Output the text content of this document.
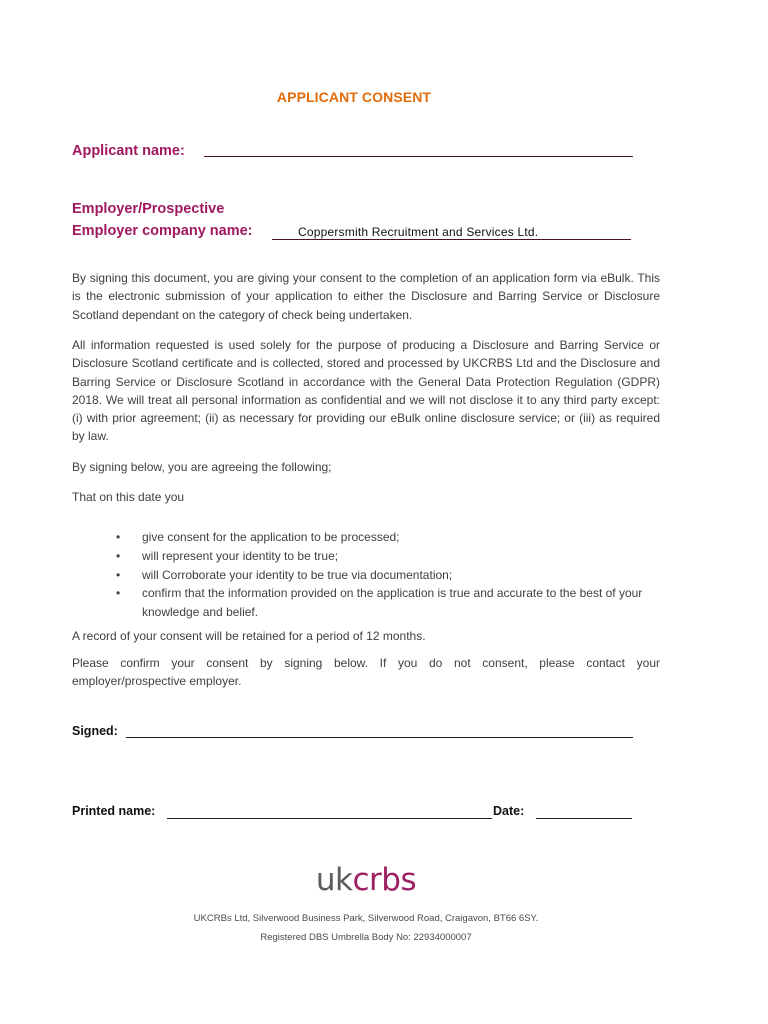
APPLICANT CONSENT
Applicant name:
Employer/Prospective
Employer company name:	Coppersmith Recruitment and Services Ltd.
By signing this document, you are giving your consent to the completion of an application form via eBulk. This is the electronic submission of your application to either the Disclosure and Barring Service or Disclosure Scotland dependant on the category of check being undertaken.
All information requested is used solely for the purpose of producing a Disclosure and Barring Service or Disclosure Scotland certificate and is collected, stored and processed by UKCRBS Ltd and the Disclosure and Barring Service or Disclosure Scotland in accordance with the General Data Protection Regulation (GDPR) 2018. We will treat all personal information as confidential and we will not disclose it to any third party except: (i) with prior agreement; (ii) as necessary for providing our eBulk online disclosure service; or (iii) as required by law.
By signing below, you are agreeing the following;
That on this date you
• give consent for the application to be processed;
• will represent your identity to be true;
• will Corroborate your identity to be true via documentation;
• confirm that the information provided on the application is true and accurate to the best of your knowledge and belief.
A record of your consent will be retained for a period of 12 months.
Please confirm your consent by signing below. If you do not consent, please contact your employer/prospective employer.
Signed:
Printed name:	Date:
ukcrbs
UKCRBs Ltd, Silverwood Business Park, Silverwood Road, Craigavon, BT66 6SY.
Registered DBS Umbrella Body No: 22934000007
